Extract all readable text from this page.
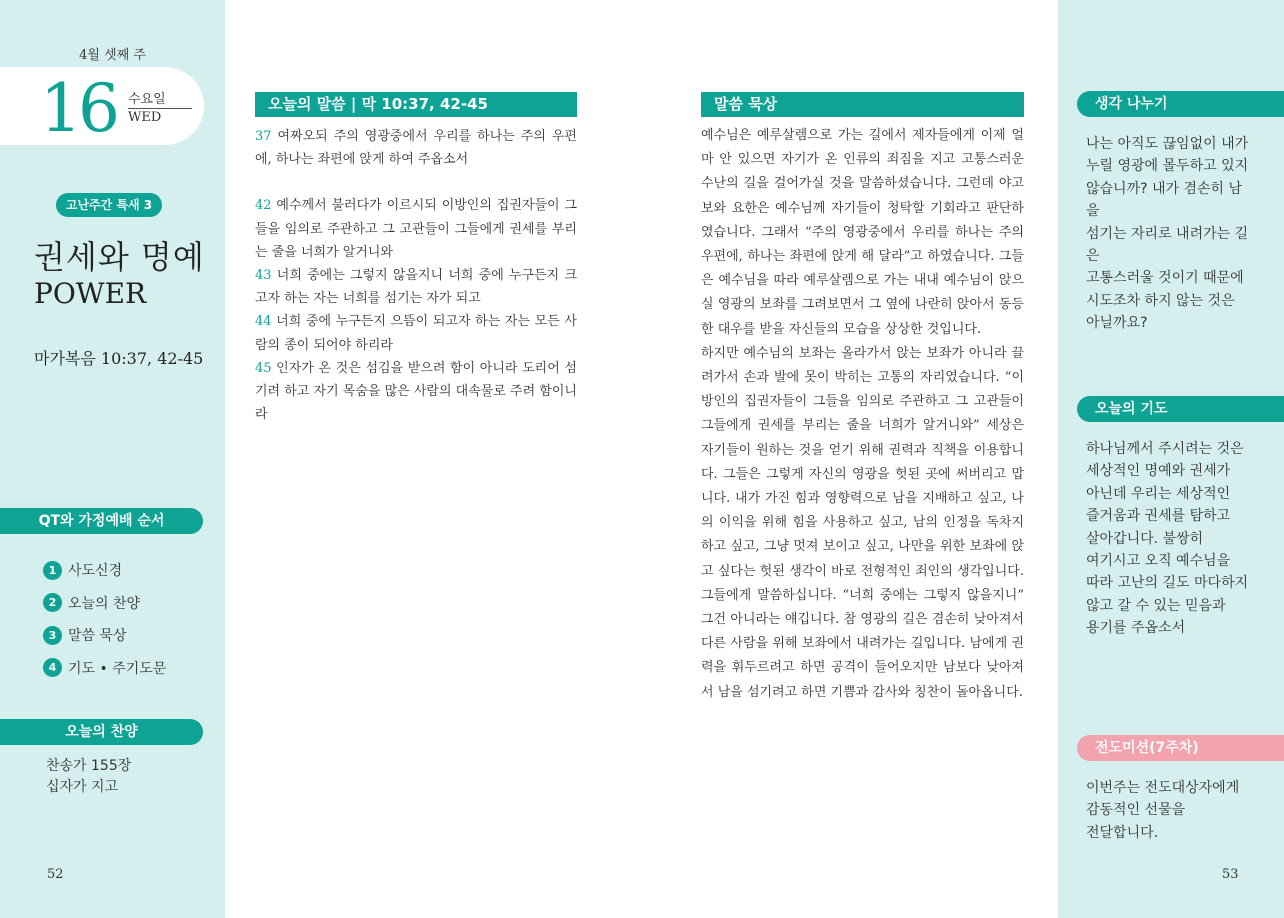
4월 셋째 주
16 수요일
WED
고난주간 특새 3
권세와 명예
POWER
마가복음 10:37, 42-45
QT와 가정예배 순서
1 사도신경
2 오늘의 찬양
3 말씀 묵상
4 기도 • 주기도문
오늘의 찬양
찬송가 155장
십자가 지고
52
오늘의 말씀 | 막 10:37, 42-45

37 여짜오되 주의 영광중에서 우리를 하나는 주의 우편에, 하나는 좌편에 앉게 하여 주옵소서

42 예수께서 불러다가 이르시되 이방인의 집권자들이 그들을 임의로 주관하고 그 고관들이 그들에게 권세를 부리는 줄을 너희가 알거니와

43 너희 중에는 그렇지 않을지니 너희 중에 누구든지 크고자 하는 자는 너희를 섬기는 자가 되고

44 너희 중에 누구든지 으뜸이 되고자 하는 자는 모든 사람의 종이 되어야 하리라

45 인자가 온 것은 섬김을 받으려 함이 아니라 도리어 섬기려 하고 자기 목숨을 많은 사람의 대속물로 주려 함이니라

말씀 묵상

예수님은 예루살렘으로 가는 길에서 제자들에게 이제 얼마 안 있으면 자기가 온 인류의 죄짐을 지고 고통스러운 수난의 길을 걸어가실 것을 말씀하셨습니다. 그런데 야고보와 요한은 예수님께 자기들이 청탁할 기회라고 판단하였습니다. 그래서 “주의 영광중에서 우리를 하나는 주의 우편에, 하나는 좌편에 앉게 해 달라”고 하였습니다. 그들은 예수님을 따라 예루살렘으로 가는 내내 예수님이 앉으실 영광의 보좌를 그려보면서 그 옆에 나란히 앉아서 동등한 대우를 받을 자신들의 모습을 상상한 것입니다.

하지만 예수님의 보좌는 올라가서 앉는 보좌가 아니라 끌려가서 손과 발에 못이 박히는 고통의 자리였습니다. “이방인의 집권자들이 그들을 임의로 주관하고 그 고관들이 그들에게 권세를 부리는 줄을 너희가 알거니와” 세상은 자기들이 원하는 것을 얻기 위해 권력과 직책을 이용합니다. 그들은 그렇게 자신의 영광을 헛된 곳에 써버리고 맙니다. 내가 가진 힘과 영향력으로 남을 지배하고 싶고, 나의 이익을 위해 힘을 사용하고 싶고, 남의 인정을 독차지하고 싶고, 그냥 멋져 보이고 싶고, 나만을 위한 보좌에 앉고 싶다는 헛된 생각이 바로 전형적인 죄인의 생각입니다. 그들에게 말씀하십니다. “너희 중에는 그렇지 않을지니” 그건 아니라는 얘깁니다. 참 영광의 길은 겸손히 낮아져서 다른 사람을 위해 보좌에서 내려가는 길입니다. 남에게 권력을 휘두르려고 하면 공격이 들어오지만 남보다 낮아져서 남을 섬기려고 하면 기쁨과 감사와 칭찬이 돌아옵니다.

생각 나누기
나는 아직도 끊임없이 내가
누릴 영광에 몰두하고 있지
않습니까? 내가 겸손히 남을
섬기는 자리로 내려가는 길은
고통스러울 것이기 때문에
시도조차 하지 않는 것은
아닐까요?
오늘의 기도
하나님께서 주시려는 것은
세상적인 명예와 권세가
아닌데 우리는 세상적인
즐거움과 권세를 탐하고
살아갑니다. 불쌍히
여기시고 오직 예수님을
따라 고난의 길도 마다하지
않고 갈 수 있는 믿음과
용기를 주옵소서
전도미션(7주차)
이번주는 전도대상자에게
감동적인 선물을
전달합니다.
53
